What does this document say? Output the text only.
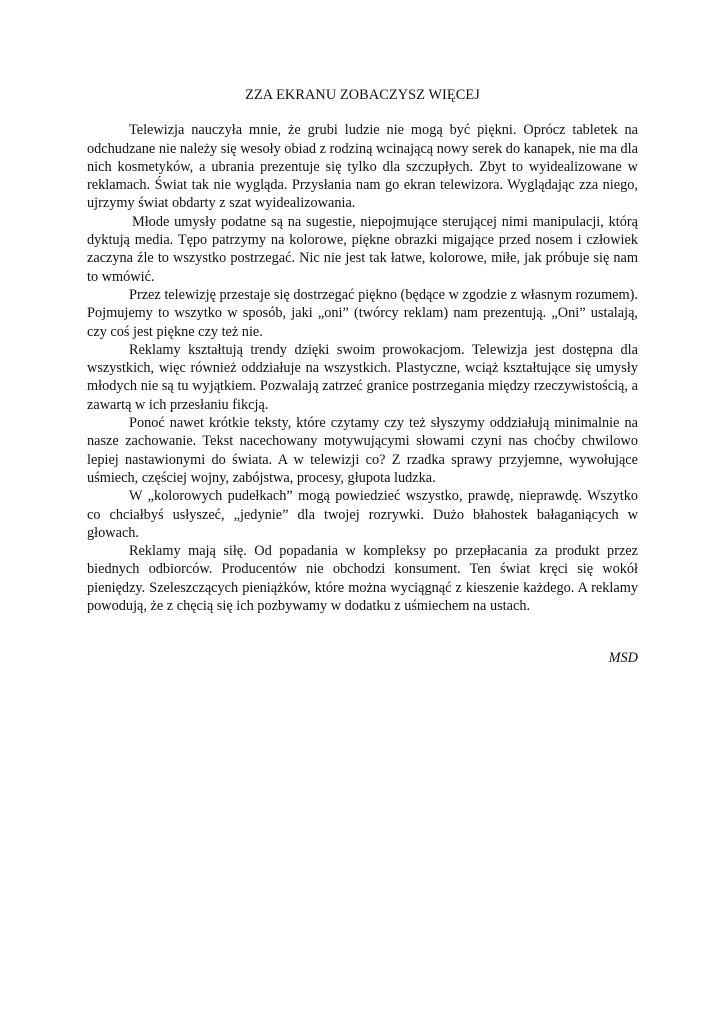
ZZA EKRANU ZOBACZYSZ WIĘCEJ

Telewizja nauczyła mnie, że grubi ludzie nie mogą być piękni. Oprócz tabletek na odchudzane nie należy się wesoły obiad z rodziną wcinającą nowy serek do kanapek, nie ma dla nich kosmetyków, a ubrania prezentuje się tylko dla szczupłych. Zbyt to wyidealizowane w reklamach. Świat tak nie wygląda. Przysłania nam go ekran telewizora. Wyglądając zza niego, ujrzymy świat obdarty z szat wyidealizowania.

Młode umysły podatne są na sugestie, niepojmujące sterującej nimi manipulacji, którą dyktują media. Tępo patrzymy na kolorowe, piękne obrazki migające przed nosem i człowiek zaczyna źle to wszystko postrzegać. Nic nie jest tak łatwe, kolorowe, miłe, jak próbuje się nam to wmówić.

Przez telewizję przestaje się dostrzegać piękno (będące w zgodzie z własnym rozumem). Pojmujemy to wszytko w sposób, jaki „oni” (twórcy reklam) nam prezentują. „Oni” ustalają, czy coś jest piękne czy też nie.

Reklamy kształtują trendy dzięki swoim prowokacjom. Telewizja jest dostępna dla wszystkich, więc również oddziałuje na wszystkich. Plastyczne, wciąż kształtujące się umysły młodych nie są tu wyjątkiem. Pozwalają zatrzeć granice postrzegania między rzeczywistością, a zawartą w ich przesłaniu fikcją.

Ponoć nawet krótkie teksty, które czytamy czy też słyszymy oddziałują minimalnie na nasze zachowanie. Tekst nacechowany motywującymi słowami czyni nas choćby chwilowo lepiej nastawionymi do świata. A w telewizji co? Z rzadka sprawy przyjemne, wywołujące uśmiech, częściej wojny, zabójstwa, procesy, głupota ludzka.

W „kolorowych pudełkach” mogą powiedzieć wszystko, prawdę, nieprawdę. Wszytko co chciałbyś usłyszeć, „jedynie” dla twojej rozrywki. Dużo błahostek bałaganiących w głowach.

Reklamy mają siłę. Od popadania w kompleksy po przepłacania za produkt przez biednych odbiorców. Producentów nie obchodzi konsument. Ten świat kręci się wokół pieniędzy. Szeleszczących pieniążków, które można wyciągnąć z kieszenie każdego. A reklamy powodują, że z chęcią się ich pozbywamy w dodatku z uśmiechem na ustach.

MSD
